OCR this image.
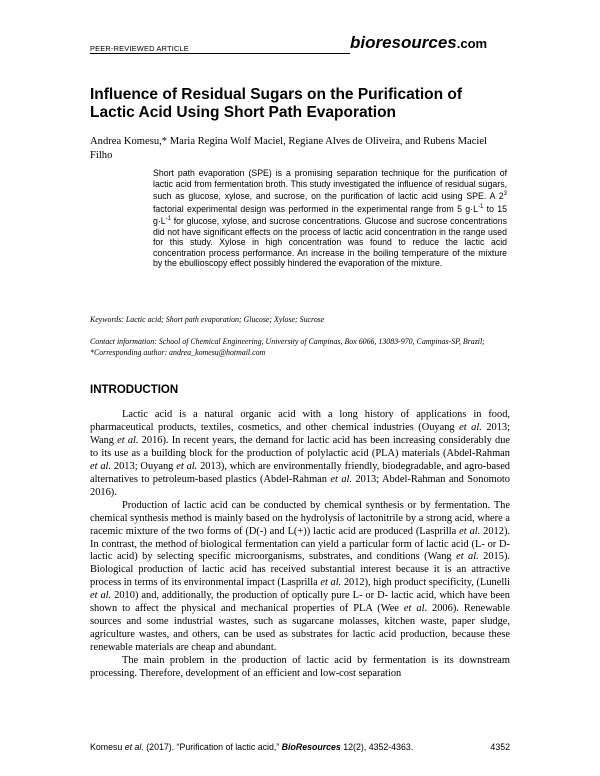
PEER-REVIEWED ARTICLE	bioresources.com
Influence of Residual Sugars on the Purification of Lactic Acid Using Short Path Evaporation
Andrea Komesu,* Maria Regina Wolf Maciel, Regiane Alves de Oliveira, and Rubens Maciel Filho
Short path evaporation (SPE) is a promising separation technique for the purification of lactic acid from fermentation broth. This study investigated the influence of residual sugars, such as glucose, xylose, and sucrose, on the purification of lactic acid using SPE. A $2^3$ factorial experimental design was performed in the experimental range from 5 $g\cdot L^{-1}$ to 15 $g\cdot L^{-1}$ for glucose, xylose, and sucrose concentrations. Glucose and sucrose concentrations did not have significant effects on the process of lactic acid concentration in the range used for this study. Xylose in high concentration was found to reduce the lactic acid concentration process performance. An increase in the boiling temperature of the mixture by the ebullioscopy effect possibly hindered the evaporation of the mixture.
Keywords: Lactic acid; Short path evaporation; Glucose; Xylose; Sucrose
Contact information: School of Chemical Engineering, University of Campinas, Box 6066, 13083-970, Campinas-SP, Brazil; *Corresponding author: andrea_komesu@hotmail.com
INTRODUCTION

Lactic acid is a natural organic acid with a long history of applications in food, pharmaceutical products, textiles, cosmetics, and other chemical industries (Ouyang et al. 2013; Wang et al. 2016). In recent years, the demand for lactic acid has been increasing considerably due to its use as a building block for the production of polylactic acid (PLA) materials (Abdel-Rahman et al. 2013; Ouyang et al. 2013), which are environmentally friendly, biodegradable, and agro-based alternatives to petroleum-based plastics (Abdel-Rahman et al. 2013; Abdel-Rahman and Sonomoto 2016).

Production of lactic acid can be conducted by chemical synthesis or by fermentation. The chemical synthesis method is mainly based on the hydrolysis of lactonitrile by a strong acid, where a racemic mixture of the two forms of (D(-) and L(+)) lactic acid are produced (Lasprilla et al. 2012). In contrast, the method of biological fermentation can yield a particular form of lactic acid (L- or D- lactic acid) by selecting specific microorganisms, substrates, and conditions (Wang et al. 2015). Biological production of lactic acid has received substantial interest because it is an attractive process in terms of its environmental impact (Lasprilla et al. 2012), high product specificity, (Lunelli et al. 2010) and, additionally, the production of optically pure L- or D- lactic acid, which have been shown to affect the physical and mechanical properties of PLA (Wee et al. 2006). Renewable sources and some industrial wastes, such as sugarcane molasses, kitchen waste, paper sludge, agriculture wastes, and others, can be used as substrates for lactic acid production, because these renewable materials are cheap and abundant.

The main problem in the production of lactic acid by fermentation is its downstream processing. Therefore, development of an efficient and low-cost separation

Komesu et al. (2017). “Purification of lactic acid,” BioResources 12(2), 4352-4363.	4352
